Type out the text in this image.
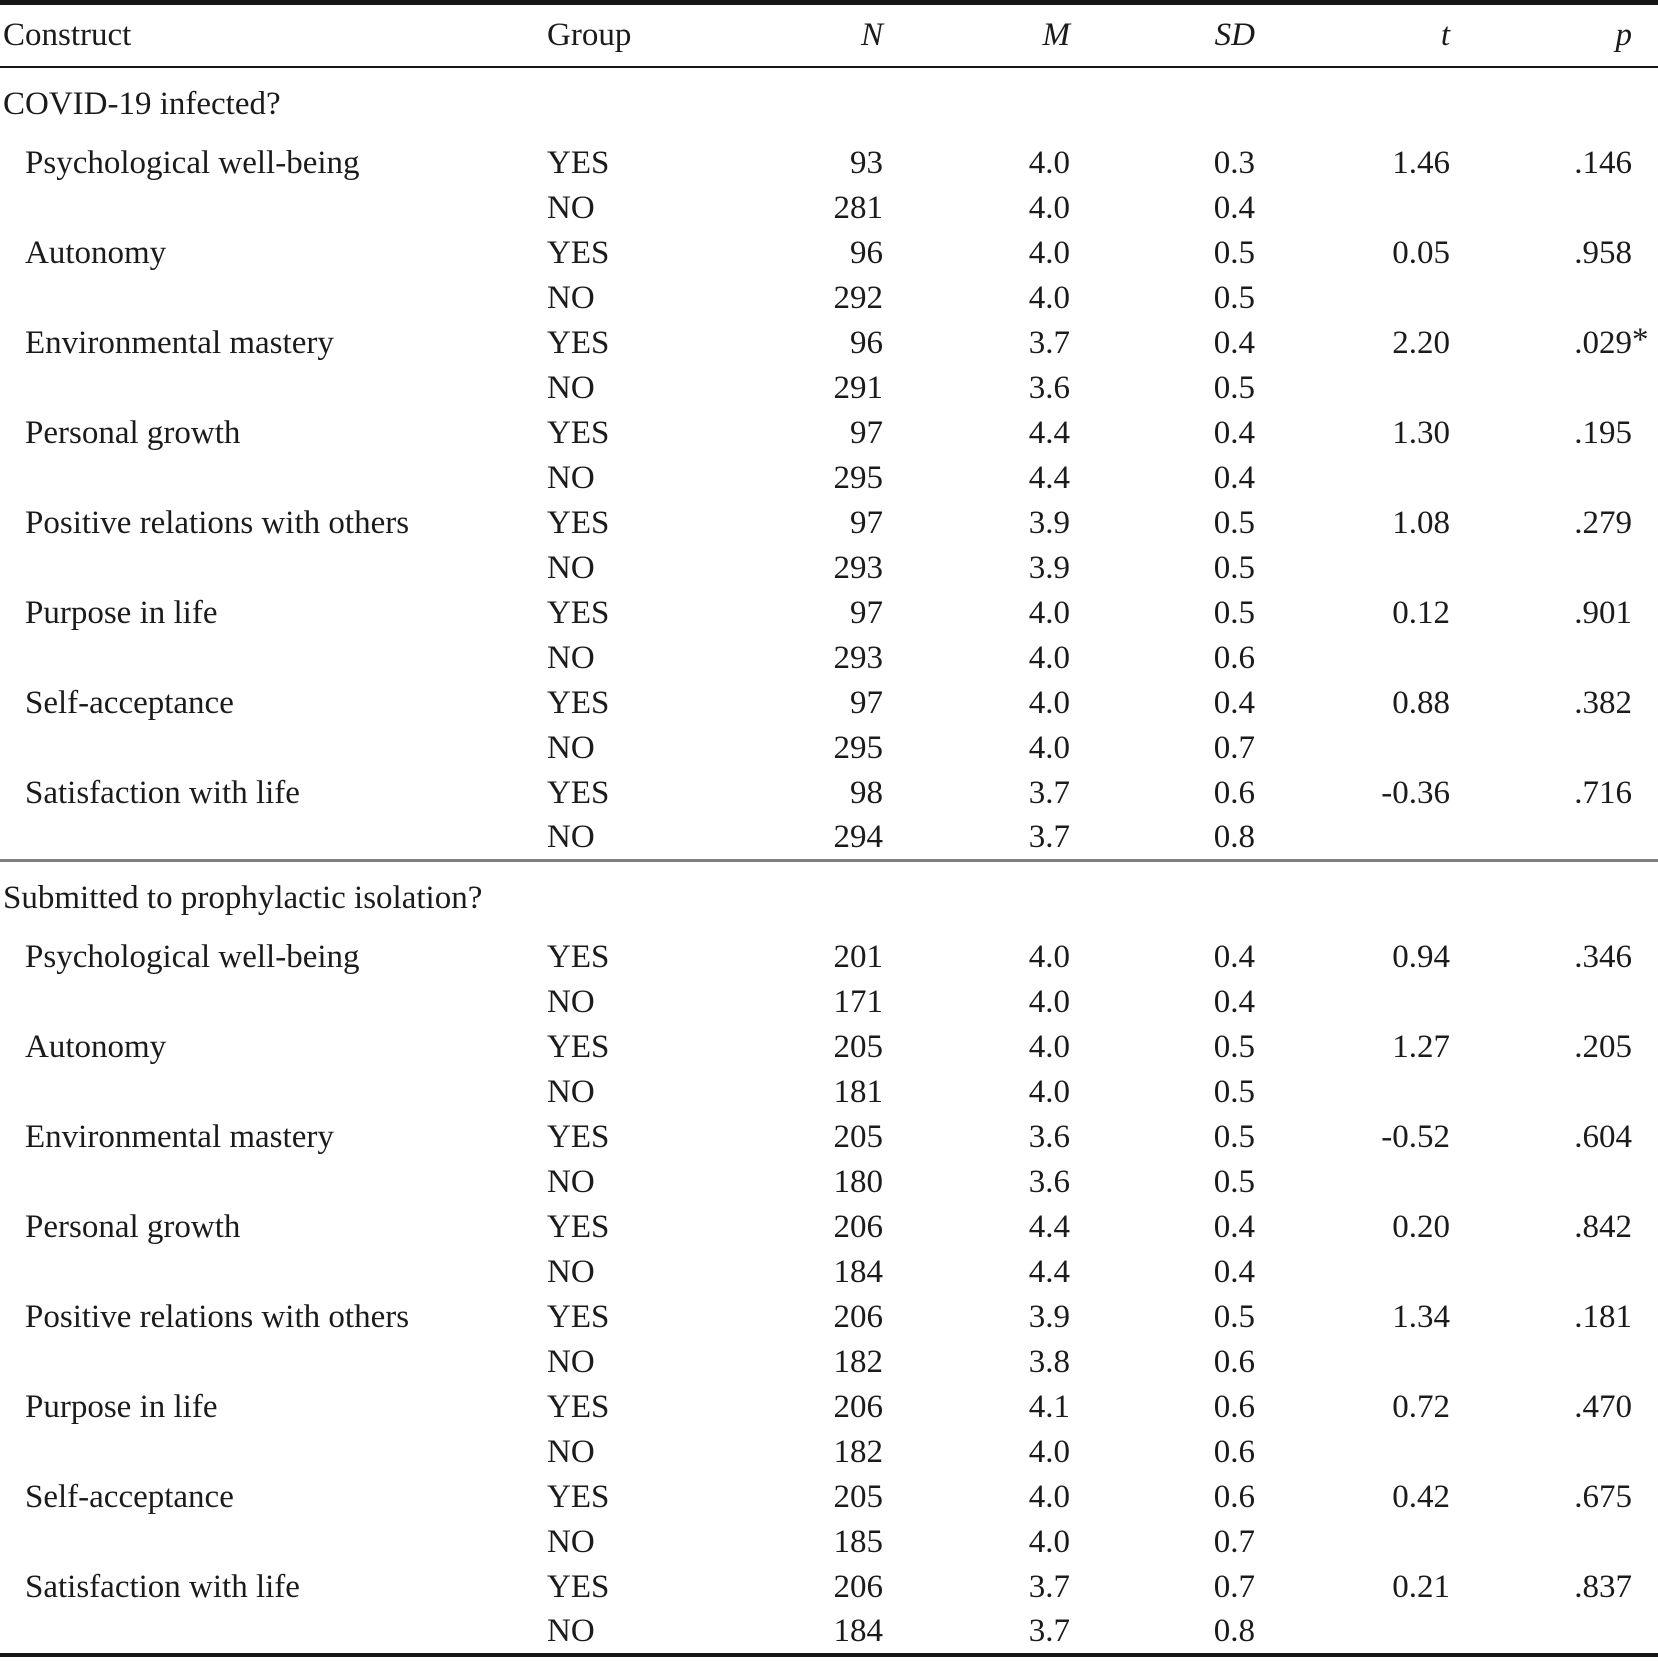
Construct	Group	N	M	SD	t	p
COVID-19 infected?						
Psychological well-being	YES	93	4.0	0.3	1.46	.146
	NO	281	4.0	0.4		
Autonomy	YES	96	4.0	0.5	0.05	.958
	NO	292	4.0	0.5		
Environmental mastery	YES	96	3.7	0.4	2.20	.029 *

	NO	291	3.6	0.5		
Personal growth	YES	97	4.4	0.4	1.30	.195
	NO	295	4.4	0.4		
Positive relations with others	YES	97	3.9	0.5	1.08	.279
	NO	293	3.9	0.5		
Purpose in life	YES	97	4.0	0.5	0.12	.901
	NO	293	4.0	0.6		
Self-acceptance	YES	97	4.0	0.4	0.88	.382
	NO	295	4.0	0.7		
Satisfaction with life	YES	98	3.7	0.6	-0.36	.716
	NO	294	3.7	0.8		
Submitted to prophylactic isolation?						
Psychological well-being	YES	201	4.0	0.4	0.94	.346
	NO	171	4.0	0.4		
Autonomy	YES	205	4.0	0.5	1.27	.205
	NO	181	4.0	0.5		
Environmental mastery	YES	205	3.6	0.5	-0.52	.604
	NO	180	3.6	0.5		
Personal growth	YES	206	4.4	0.4	0.20	.842
	NO	184	4.4	0.4		
Positive relations with others	YES	206	3.9	0.5	1.34	.181
	NO	182	3.8	0.6		
Purpose in life	YES	206	4.1	0.6	0.72	.470
	NO	182	4.0	0.6		
Self-acceptance	YES	205	4.0	0.6	0.42	.675
	NO	185	4.0	0.7		
Satisfaction with life	YES	206	3.7	0.7	0.21	.837
	NO	184	3.7	0.8		
